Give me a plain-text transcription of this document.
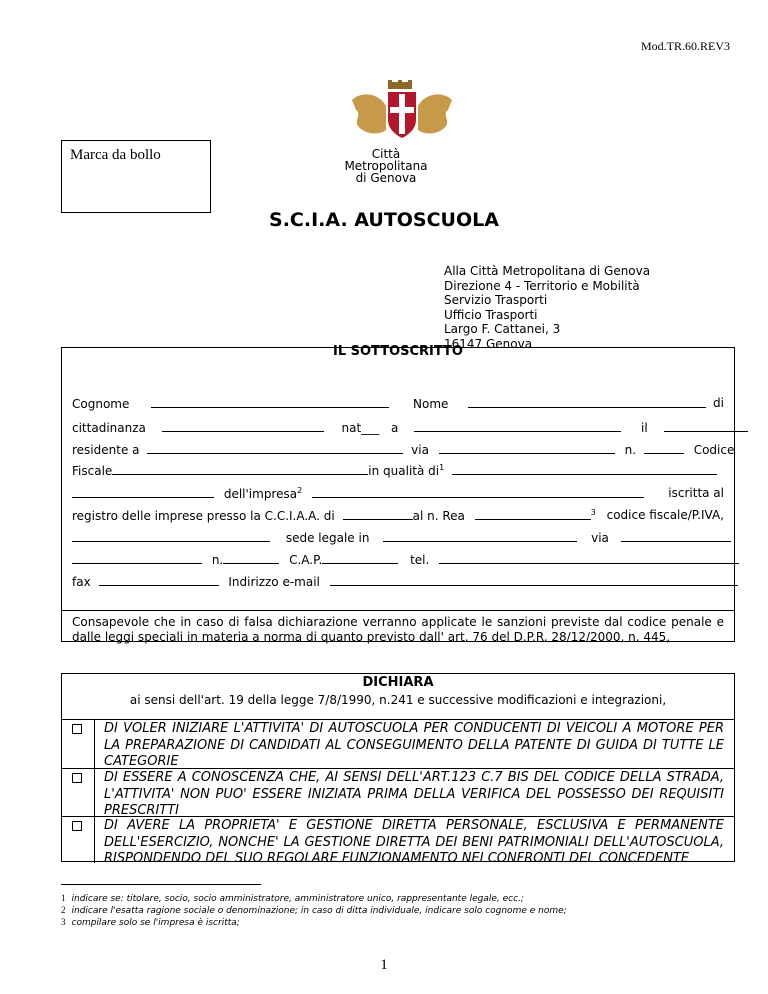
Mod.TR.60.REV3
Città Metropolitana
di Genova
Marca da bollo
S.C.I.A. AUTOSCUOLA
Alla Città Metropolitana di Genova
Direzione 4 - Territorio e Mobilità
Servizio Trasporti
Ufficio Trasporti
Largo F. Cattanei, 3
16147 Genova
IL SOTTOSCRITTO
Cognome	Nome	di
cittadinanza	nat___ a	il
residente a	via	n.	Codice
Fiscale	in qualità $di^1$
dell'impresa$^2$	iscritta al
registro delle imprese presso la C.C.I.A.A. di	al n. Rea	$^3$ codice fiscale/P.IVA,
sede legale in	via
n.	C.A.P.	tel.
fax	Indirizzo e-mail
Consapevole che in caso di falsa dichiarazione verranno applicate le sanzioni previste dal codice penale e dalle leggi speciali in materia a norma di quanto previsto dall' art. 76 del D.P.R. 28/12/2000, n. 445,
DICHIARA
ai sensi dell'art. 19 della legge 7/8/1990, n.241 e successive modificazioni e integrazioni,
DI VOLER INIZIARE L'ATTIVITA' DI AUTOSCUOLA PER CONDUCENTI DI VEICOLI A MOTORE PER LA PREPARAZIONE DI CANDIDATI AL CONSEGUIMENTO DELLA PATENTE DI GUIDA DI TUTTE LE CATEGORIE
DI ESSERE A CONOSCENZA CHE, AI SENSI DELL'ART.123 C.7 BIS DEL CODICE DELLA STRADA, L'ATTIVITA' NON PUO' ESSERE INIZIATA PRIMA DELLA VERIFICA DEL POSSESSO DEI REQUISITI PRESCRITTI
DI AVERE LA PROPRIETA' E GESTIONE DIRETTA PERSONALE, ESCLUSIVA E PERMANENTE DELL'ESERCIZIO, NONCHE' LA GESTIONE DIRETTA DEI BENI PATRIMONIALI DELL'AUTOSCUOLA, RISPONDENDO DEL SUO REGOLARE FUNZIONAMENTO NEI CONFRONTI DEL CONCEDENTE
1 indicare se: titolare, socio, socio amministratore, amministratore unico, rappresentante legale, ecc.;
2 indicare l'esatta ragione sociale o denominazione; in caso di ditta individuale, indicare solo cognome e nome;
3 compilare solo se l'impresa è iscritta;
1
